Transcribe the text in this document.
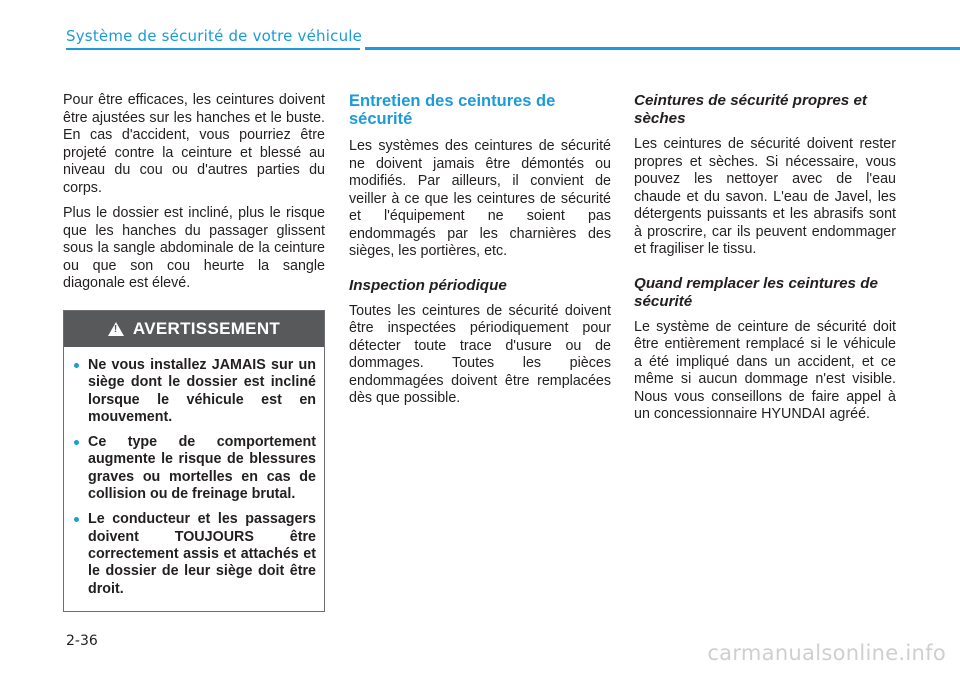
Système de sécurité de votre véhicule

Pour être efficaces, les ceintures doivent être ajustées sur les hanches et le buste. En cas d'accident, vous pourriez être projeté contre la ceinture et blessé au niveau du cou ou d'autres parties du corps.

Plus le dossier est incliné, plus le risque que les hanches du passager glissent sous la sangle abdominale de la ceinture ou que son cou heurte la sangle diagonale est élevé.

!
AVERTISSEMENT
Ne vous installez JAMAIS sur un siège dont le dossier est incliné lorsque le véhicule est en mouvement.
Ce type de comportement augmente le risque de blessures graves ou mortelles en cas de collision ou de freinage brutal.
Le conducteur et les passagers doivent TOUJOURS être correctement assis et attachés et le dossier de leur siège doit être droit.
Entretien des ceintures de sécurité

Les systèmes des ceintures de sécurité ne doivent jamais être démontés ou modifiés. Par ailleurs, il convient de veiller à ce que les ceintures de sécurité et l'équipement ne soient pas endommagés par les charnières des sièges, les portières, etc.

Inspection périodique

Toutes les ceintures de sécurité doivent être inspectées périodiquement pour détecter toute trace d'usure ou de dommages. Toutes les pièces endommagées doivent être remplacées dès que possible.

Ceintures de sécurité propres et sèches

Les ceintures de sécurité doivent rester propres et sèches. Si nécessaire, vous pouvez les nettoyer avec de l'eau chaude et du savon. L'eau de Javel, les détergents puissants et les abrasifs sont à proscrire, car ils peuvent endommager et fragiliser le tissu.

Quand remplacer les ceintures de sécurité

Le système de ceinture de sécurité doit être entièrement remplacé si le véhicule a été impliqué dans un accident, et ce même si aucun dommage n'est visible. Nous vous conseillons de faire appel à un concessionnaire HYUNDAI agréé.

2-36	carmanualsonline.info
